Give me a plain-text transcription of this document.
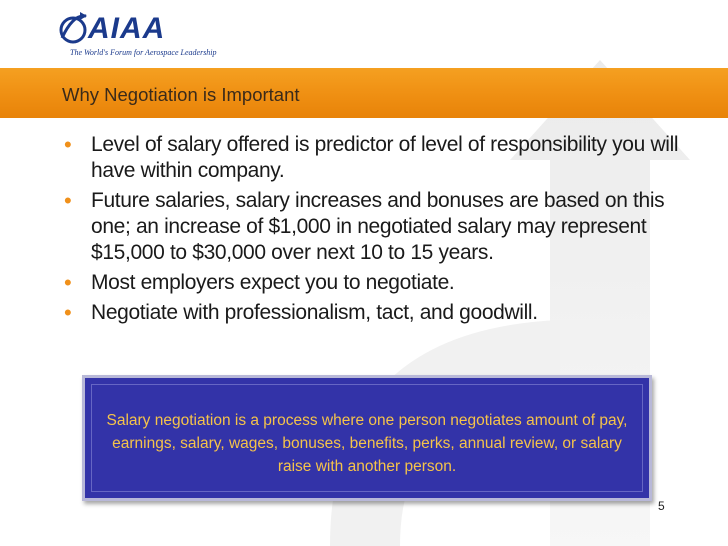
AIAA
The World's Forum for Aerospace Leadership
Why Negotiation is Important
• Level of salary offered is predictor of level of responsibility you will have within company.
• Future salaries, salary increases and bonuses are based on this one; an increase of $1,000 in negotiated salary may represent $15,000 to $30,000 over next 10 to 15 years.
• Most employers expect you to negotiate.
• Negotiate with professionalism, tact, and goodwill.
Salary negotiation is a process where one person negotiates amount of pay, earnings, salary, wages, bonuses, benefits, perks, annual review, or salary raise with another person.
5
